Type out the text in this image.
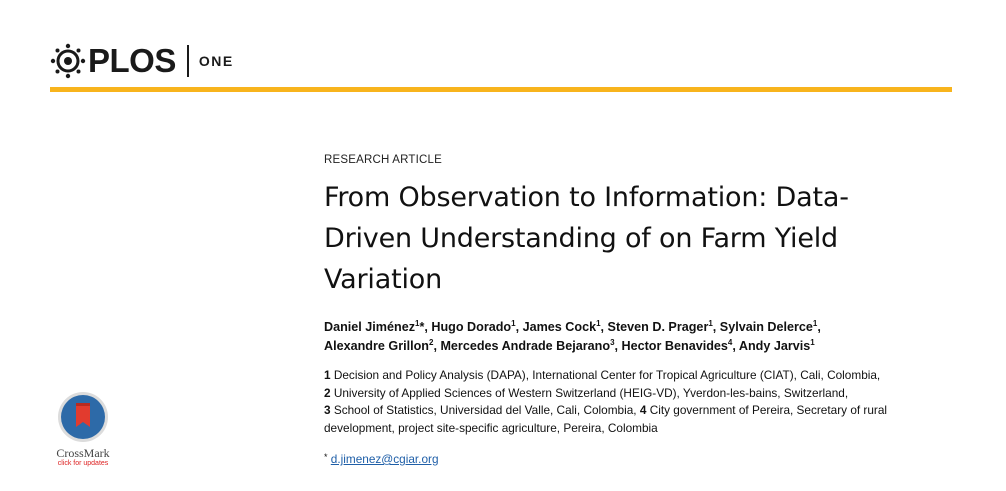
PLOS ONE
RESEARCH ARTICLE
From Observation to Information: Data-
Driven Understanding of on Farm Yield
Variation
Daniel Jiménez$^1$*, Hugo Dorado$^1$, James Cock$^1$, Steven D. Prager$^1$, Sylvain Delerce$^1$,
Alexandre Grillon$^2$, Mercedes Andrade Bejarano$^3$, Hector Benavides$^4$, Andy Jarvis$^1$
1 Decision and Policy Analysis (DAPA), International Center for Tropical Agriculture (CIAT), Cali, Colombia,
2 University of Applied Sciences of Western Switzerland (HEIG-VD), Yverdon-les-bains, Switzerland,
3 School of Statistics, Universidad del Valle, Cali, Colombia, 4 City government of Pereira, Secretary of rural
development, project site-specific agriculture, Pereira, Colombia
* d.jimenez@cgiar.org
CrossMark
click for updates
